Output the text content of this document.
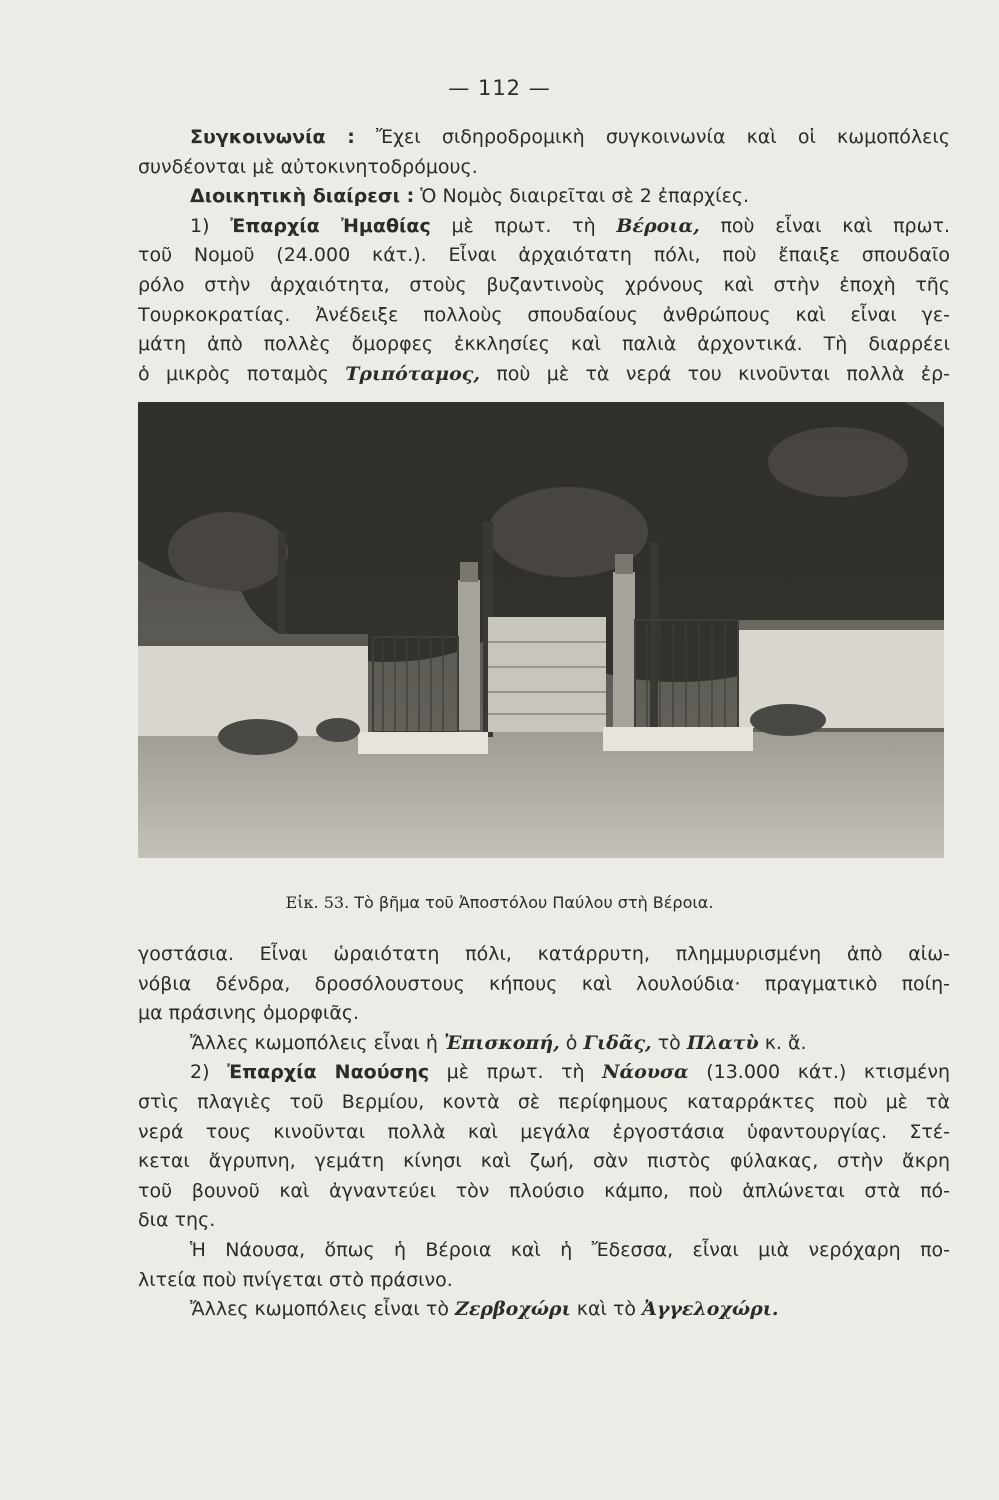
— 112 —
Συγκοινωνία : Ἔχει σιδηροδρομικὴ συγκοινωνία καὶ οἱ κωμοπόλεις
συνδέονται μὲ αὐτοκινητοδρόμους.
Διοικητικὴ διαίρεσι : Ὁ Νομὸς διαιρεῖται σὲ 2 ἐπαρχίες.
1) Ἐπαρχία Ἠμαθίας μὲ πρωτ. τὴ Βέροια, ποὺ εἶναι καὶ πρωτ.
τοῦ Νομοῦ (24.000 κάτ.). Εἶναι ἀρχαιότατη πόλι, ποὺ ἔπαιξε σπουδαῖο
ρόλο στὴν ἀρχαιότητα, στοὺς βυζαντινοὺς χρόνους καὶ στὴν ἐποχὴ τῆς
Τουρκοκρατίας. Ἀνέδειξε πολλοὺς σπουδαίους ἀνθρώπους καὶ εἶναι γε-
μάτη ἀπὸ πολλὲς ὄμορφες ἐκκλησίες καὶ παλιὰ ἀρχοντικά. Τὴ διαρρέει
ὁ μικρὸς ποταμὸς Τριπόταμος, ποὺ μὲ τὰ νερά του κινοῦνται πολλὰ ἐρ-
Εἰκ. 53. Τὸ βῆμα τοῦ Ἀποστόλου Παύλου στὴ Βέροια.
γοστάσια. Εἶναι ὡραιότατη πόλι, κατάρρυτη, πλημμυρισμένη ἀπὸ αἰω-
νόβια δένδρα, δροσόλουστους κήπους καὶ λουλούδια· πραγματικὸ ποίη-
μα πράσινης ὀμορφιᾶς.
Ἄλλες κωμοπόλεις εἶναι ἡ Ἐπισκοπή, ὁ Γιδᾶς, τὸ Πλατὺ κ. ἄ.
2) Ἐπαρχία Ναούσης μὲ πρωτ. τὴ Νάουσα (13.000 κάτ.) κτισμένη
στὶς πλαγιὲς τοῦ Βερμίου, κοντὰ σὲ περίφημους καταρράκτες ποὺ μὲ τὰ
νερά τους κινοῦνται πολλὰ καὶ μεγάλα ἐργοστάσια ὑφαντουργίας. Στέ-
κεται ἄγρυπνη, γεμάτη κίνησι καὶ ζωή, σὰν πιστὸς φύλακας, στὴν ἄκρη
τοῦ βουνοῦ καὶ ἀγναντεύει τὸν πλούσιο κάμπο, ποὺ ἁπλώνεται στὰ πό-
δια της.
Ἡ Νάουσα, ὅπως ἡ Βέροια καὶ ἡ Ἔδεσσα, εἶναι μιὰ νερόχαρη πο-
λιτεία ποὺ πνίγεται στὸ πράσινο.
Ἄλλες κωμοπόλεις εἶναι τὸ Ζερβοχώρι καὶ τὸ Ἀγγελοχώρι.
